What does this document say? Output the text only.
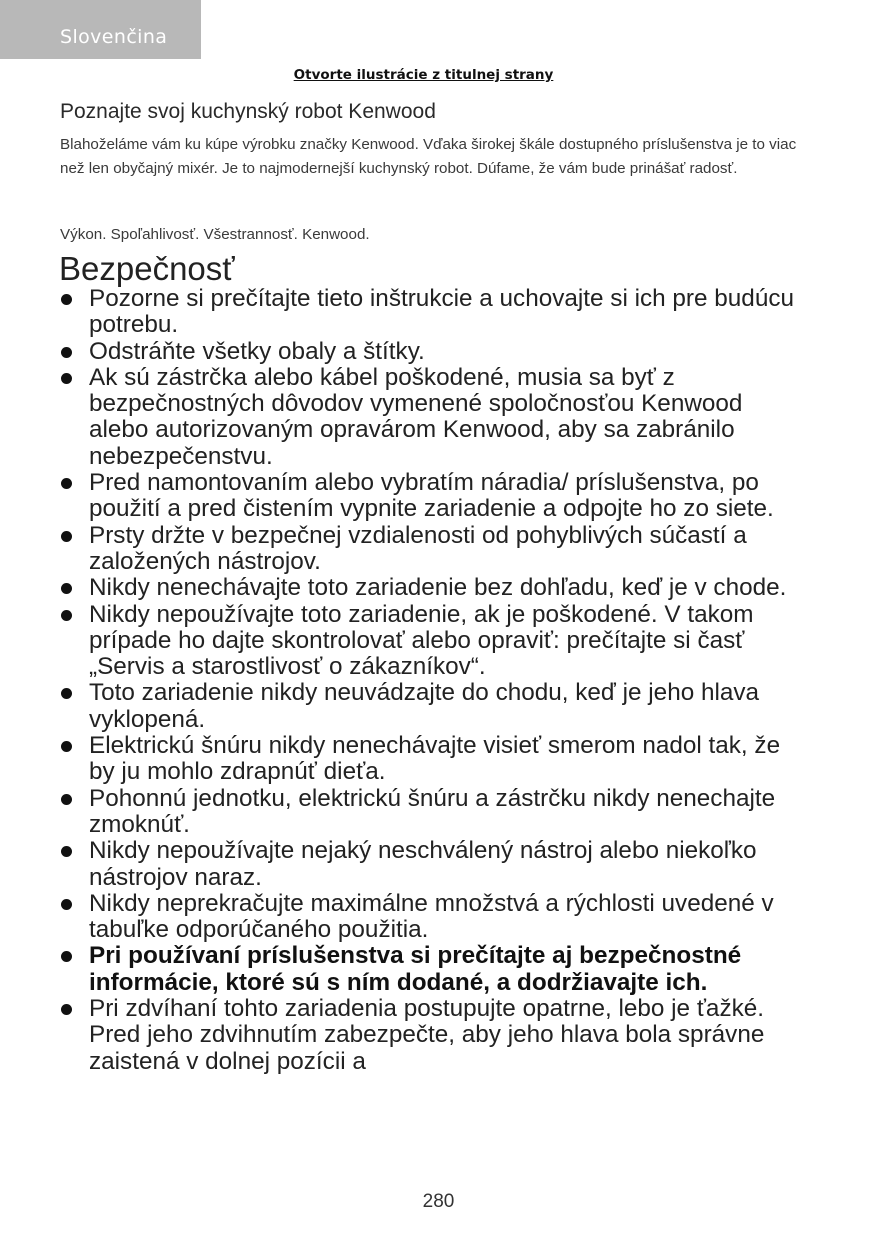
Slovenčina
Otvorte ilustrácie z titulnej strany
Poznajte svoj kuchynský robot Kenwood
Blahoželáme vám ku kúpe výrobku značky Kenwood. Vďaka širokej škále dostupného príslušenstva je to viac než len obyčajný mixér. Je to najmodernejší kuchynský robot. Dúfame, že vám bude prinášať radosť.
Výkon. Spoľahlivosť. Všestrannosť. Kenwood.
Bezpečnosť
Pozorne si prečítajte tieto inštrukcie a uchovajte si ich pre budúcu potrebu.
Odstráňte všetky obaly a štítky.
Ak sú zástrčka alebo kábel poškodené, musia sa byť z bezpečnostných dôvodov vymenené spoločnosťou Kenwood alebo autorizovaným opravárom Kenwood, aby sa zabránilo nebezpečenstvu.
Pred namontovaním alebo vybratím náradia/ príslušenstva, po použití a pred čistením vypnite zariadenie a odpojte ho zo siete.
Prsty držte v bezpečnej vzdialenosti od pohyblivých súčastí a založených nástrojov.
Nikdy nenechávajte toto zariadenie bez dohľadu, keď je v chode.
Nikdy nepoužívajte toto zariadenie, ak je poškodené. V takom prípade ho dajte skontrolovať alebo opraviť: prečítajte si časť „Servis a starostlivosť o zákazníkov“.
Toto zariadenie nikdy neuvádzajte do chodu, keď je jeho hlava vyklopená.
Elektrickú šnúru nikdy nenechávajte visieť smerom nadol tak, že by ju mohlo zdrapnúť dieťa.
Pohonnú jednotku, elektrickú šnúru a zástrčku nikdy nenechajte zmoknúť.
Nikdy nepoužívajte nejaký neschválený nástroj alebo niekoľko nástrojov naraz.
Nikdy neprekračujte maximálne množstvá a rýchlosti uvedené v tabuľke odporúčaného použitia.
Pri používaní príslušenstva si prečítajte aj bezpečnostné informácie, ktoré sú s ním dodané, a dodržiavajte ich.
Pri zdvíhaní tohto zariadenia postupujte opatrne, lebo je ťažké. Pred jeho zdvihnutím zabezpečte, aby jeho hlava bola správne zaistená v dolnej pozícii a
280
